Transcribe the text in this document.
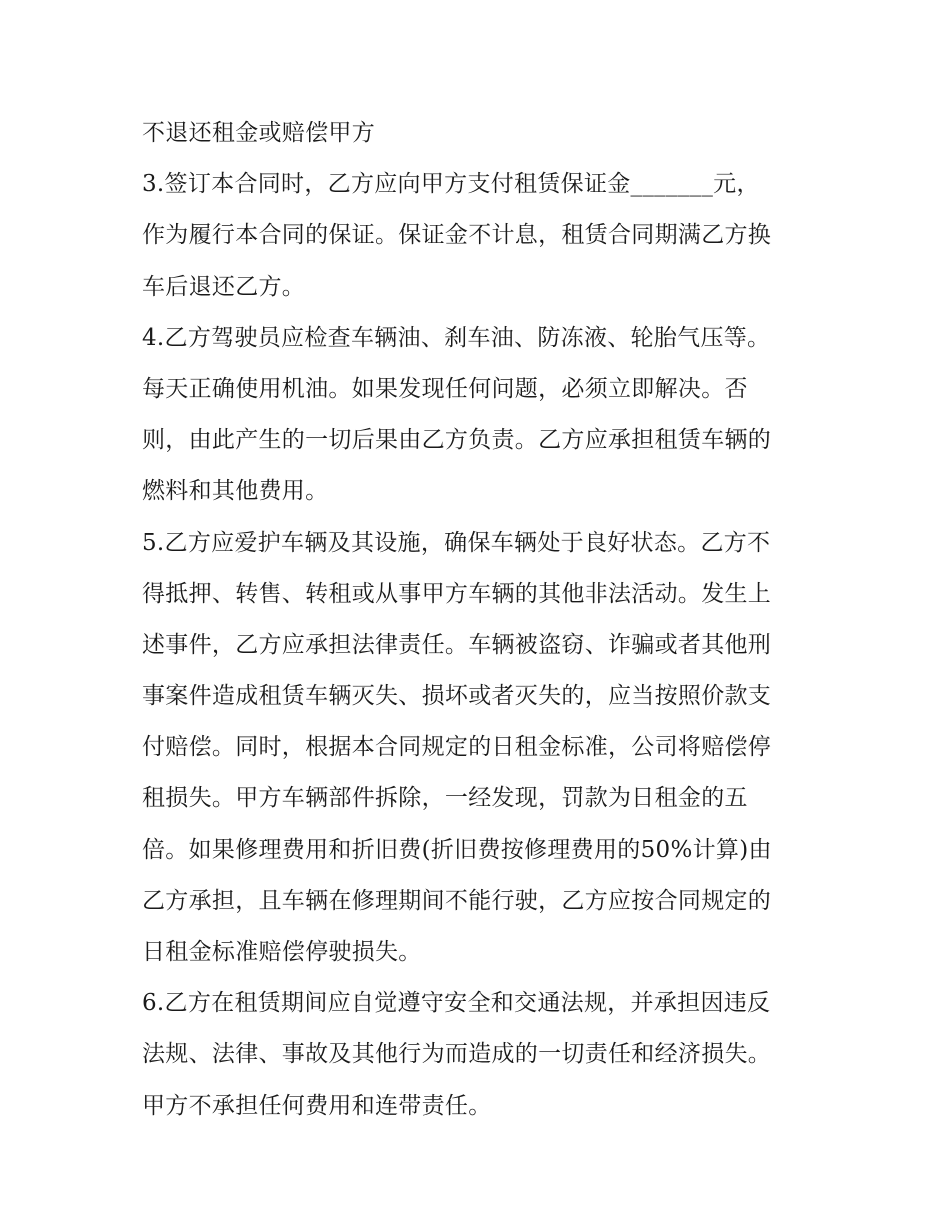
不退还租金或赔偿甲方
3.签订本合同时，乙方应向甲方支付租赁保证金_______元，
作为履行本合同的保证。保证金不计息，租赁合同期满乙方换
车后退还乙方。
4.乙方驾驶员应检查车辆油、刹车油、防冻液、轮胎气压等。
每天正确使用机油。如果发现任何问题，必须立即解决。否
则，由此产生的一切后果由乙方负责。乙方应承担租赁车辆的
燃料和其他费用。
5.乙方应爱护车辆及其设施，确保车辆处于良好状态。乙方不
得抵押、转售、转租或从事甲方车辆的其他非法活动。发生上
述事件，乙方应承担法律责任。车辆被盗窃、诈骗或者其他刑
事案件造成租赁车辆灭失、损坏或者灭失的，应当按照价款支
付赔偿。同时，根据本合同规定的日租金标准，公司将赔偿停
租损失。甲方车辆部件拆除，一经发现，罚款为日租金的五
倍。如果修理费用和折旧费(折旧费按修理费用的50%计算)由
乙方承担，且车辆在修理期间不能行驶，乙方应按合同规定的
日租金标准赔偿停驶损失。
6.乙方在租赁期间应自觉遵守安全和交通法规，并承担因违反
法规、法律、事故及其他行为而造成的一切责任和经济损失。
甲方不承担任何费用和连带责任。
